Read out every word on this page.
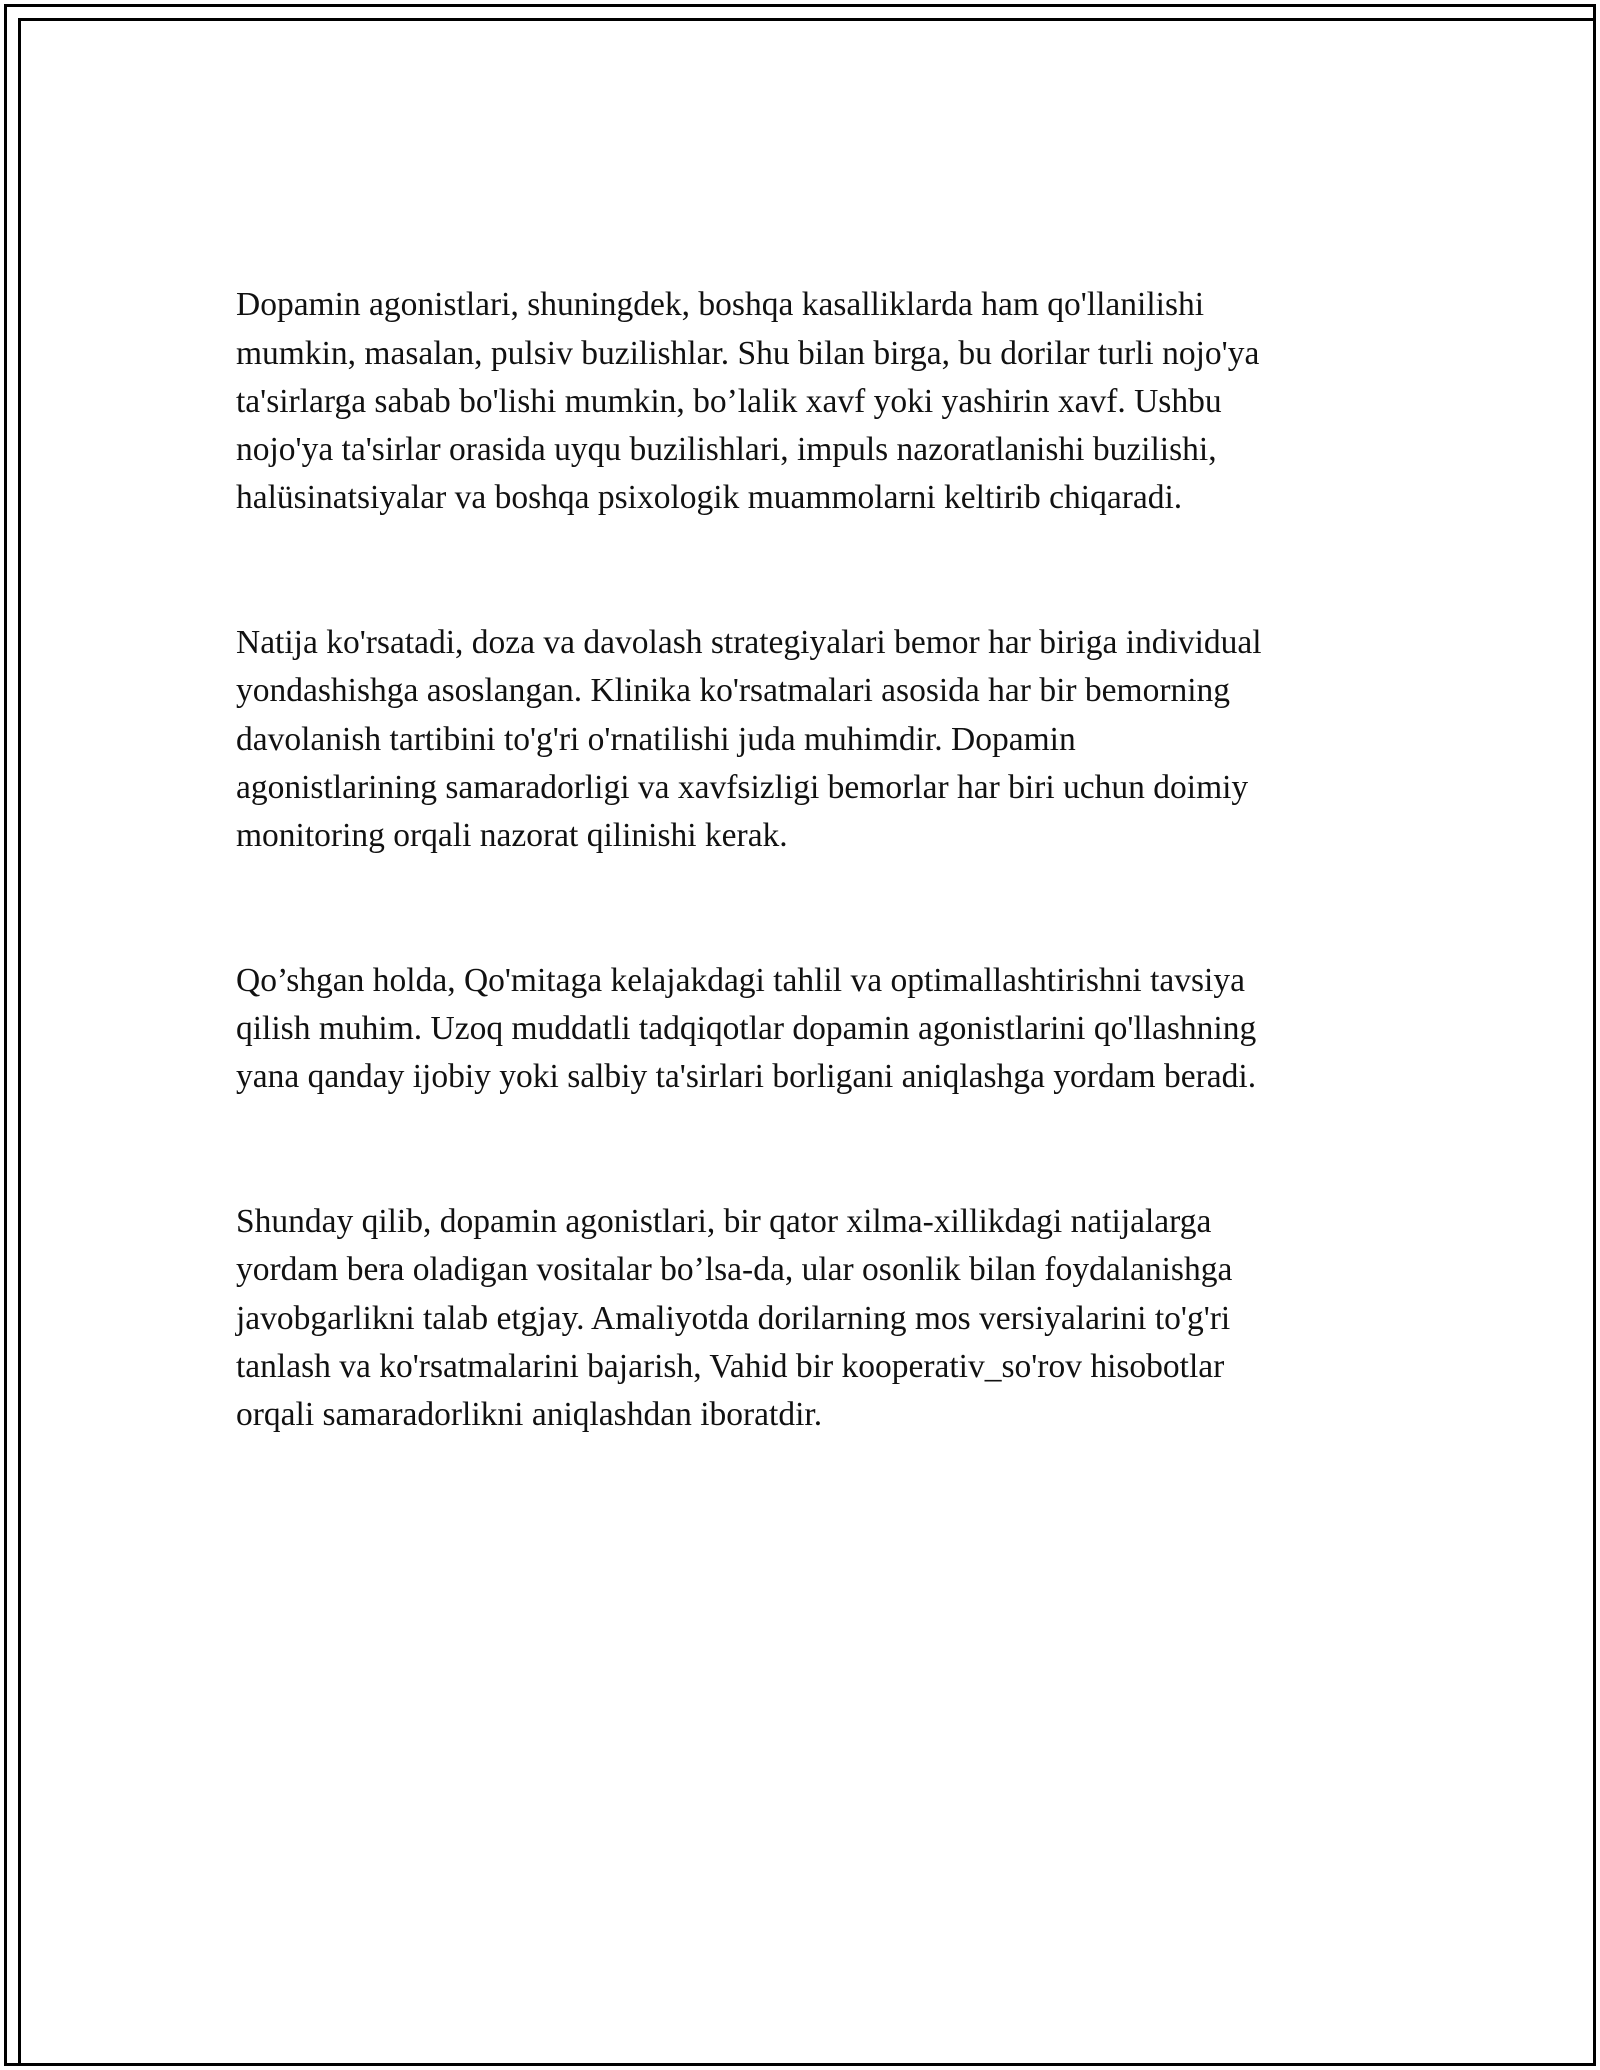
Dopamin agonistlari, shuningdek, boshqa kasalliklarda ham qo'llanilishi
mumkin, masalan, pulsiv buzilishlar. Shu bilan birga, bu dorilar turli nojo'ya
ta'sirlarga sabab bo'lishi mumkin, bo’lalik xavf yoki yashirin xavf. Ushbu
nojo'ya ta'sirlar orasida uyqu buzilishlari, impuls nazoratlanishi buzilishi,
halüsinatsiyalar va boshqa psixologik muammolarni keltirib chiqaradi.

Natija ko'rsatadi, doza va davolash strategiyalari bemor har biriga individual
yondashishga asoslangan. Klinika ko'rsatmalari asosida har bir bemorning
davolanish tartibini to'g'ri o'rnatilishi juda muhimdir. Dopamin
agonistlarining samaradorligi va xavfsizligi bemorlar har biri uchun doimiy
monitoring orqali nazorat qilinishi kerak.

Qo’shgan holda, Qo'mitaga kelajakdagi tahlil va optimallashtirishni tavsiya
qilish muhim. Uzoq muddatli tadqiqotlar dopamin agonistlarini qo'llashning
yana qanday ijobiy yoki salbiy ta'sirlari borligani aniqlashga yordam beradi.

Shunday qilib, dopamin agonistlari, bir qator xilma-xillikdagi natijalarga
yordam bera oladigan vositalar bo’lsa-da, ular osonlik bilan foydalanishga
javobgarlikni talab etgjay. Amaliyotda dorilarning mos versiyalarini to'g'ri
tanlash va ko'rsatmalarini bajarish, Vahid bir kooperativ_so'rov hisobotlar
orqali samaradorlikni aniqlashdan iboratdir.
